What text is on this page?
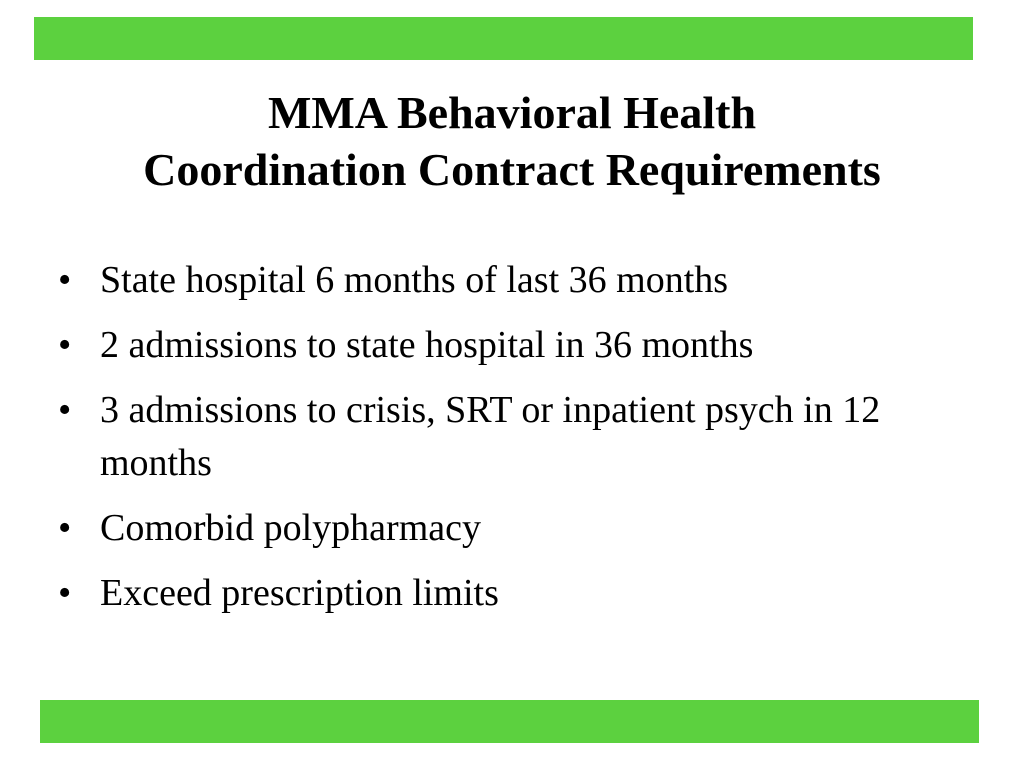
MMA Behavioral Health
Coordination Contract Requirements
• State hospital 6 months of last 36 months
• 2 admissions to state hospital in 36 months
• 3 admissions to crisis, SRT or inpatient psych in 12 months
• Comorbid polypharmacy
• Exceed prescription limits
